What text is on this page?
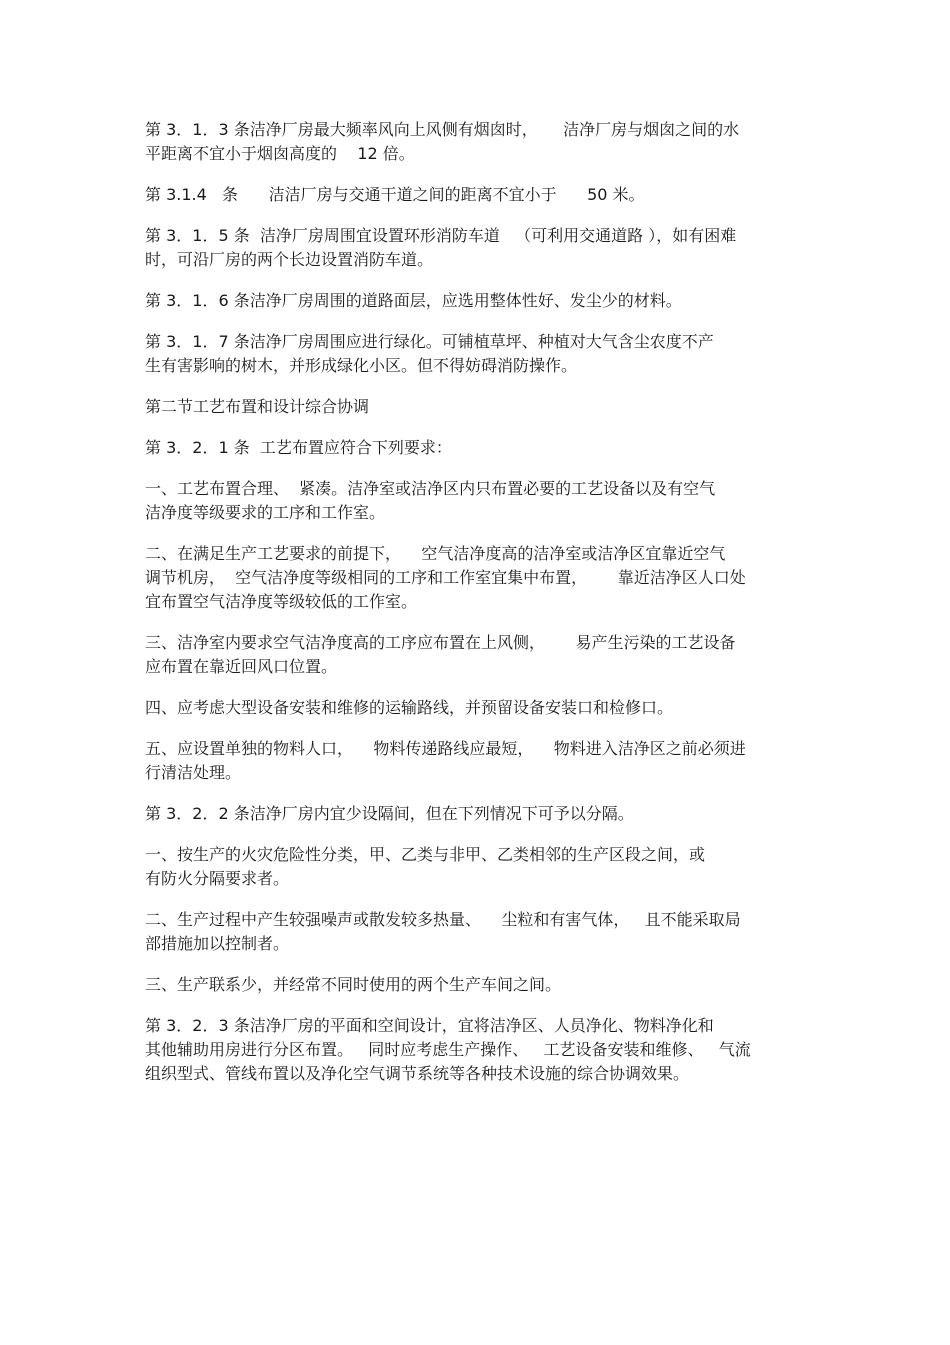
第 3．1．3 条洁净厂房最大频率风向上风侧有烟囱时，     洁净厂房与烟囱之间的水
平距离不宜小于烟囱高度的    12 倍。
第 3.1.4   条      洁洁厂房与交通干道之间的距离不宜小于      50 米。
第 3．1．5 条  洁净厂房周围宜设置环形消防车道   （可利用交通道路 ），如有困难
时，可沿厂房的两个长边设置消防车道。
第 3．1．6 条洁净厂房周围的道路面层，应选用整体性好、发尘少的材料。
第 3．1．7 条洁净厂房周围应进行绿化。可铺植草坪、种植对大气含尘农度不产
生有害影响的树木，并形成绿化小区。但不得妨碍消防操作。
第二节工艺布置和设计综合协调
第 3．2．1 条  工艺布置应符合下列要求：
一、工艺布置合理、  紧凑。洁净室或洁净区内只布置必要的工艺设备以及有空气
洁净度等级要求的工序和工作室。
二、在满足生产工艺要求的前提下，    空气洁净度高的洁净室或洁净区宜靠近空气
调节机房，  空气洁净度等级相同的工序和工作室宜集中布置，      靠近洁净区人口处
宜布置空气洁净度等级较低的工作室。
三、洁净室内要求空气洁净度高的工序应布置在上风侧，      易产生污染的工艺设备
应布置在靠近回风口位置。
四、应考虑大型设备安装和维修的运输路线，并预留设备安装口和检修口。
五、应设置单独的物料人口，    物料传递路线应最短，    物料进入洁净区之前必须进
行清洁处理。
第 3．2．2 条洁净厂房内宜少设隔间，但在下列情况下可予以分隔。
一、按生产的火灾危险性分类，甲、乙类与非甲、乙类相邻的生产区段之间，或
有防火分隔要求者。
二、生产过程中产生较强噪声或散发较多热量、    尘粒和有害气体，   且不能采取局
部措施加以控制者。
三、生产联系少，并经常不同时使用的两个生产车间之间。
第 3．2．3 条洁净厂房的平面和空间设计，宜将洁净区、人员净化、物料净化和
其他辅助用房进行分区布置。   同时应考虑生产操作、   工艺设备安装和维修、   气流
组织型式、管线布置以及净化空气调节系统等各种技术设施的综合协调效果。
